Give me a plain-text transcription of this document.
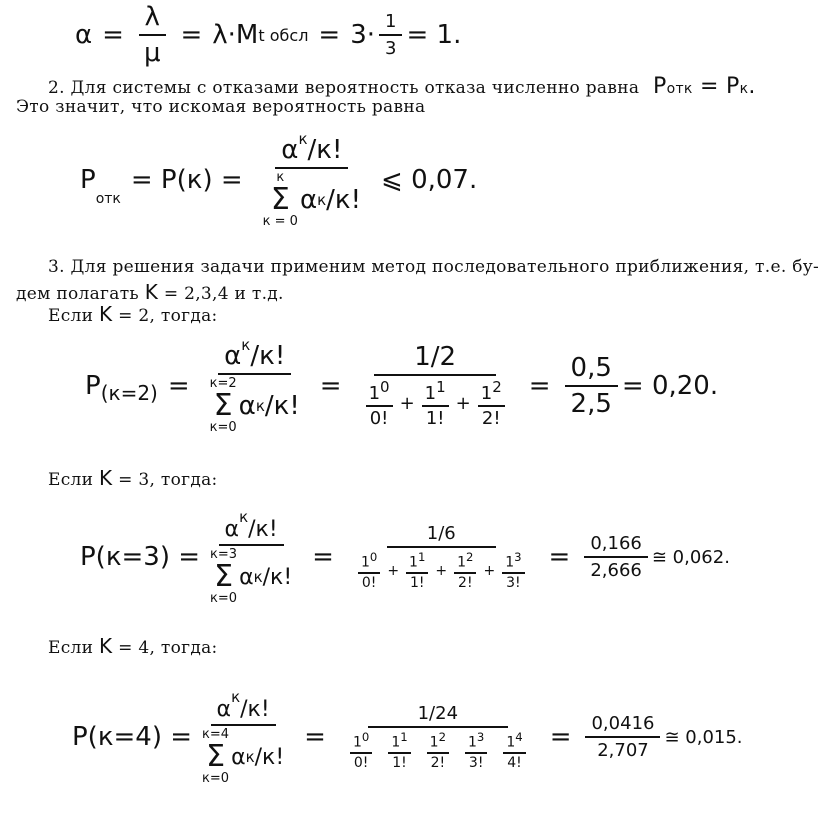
$\alpha = \frac{\lambda}{\mu} = \lambda\cdot M$ t обсл = $3\cdot \frac{1}{3} = 1$.
2. Для системы с отказами вероятность отказа численно равна Pотк = Pк.
Это значит, что искомая вероятность равна
P
отк
= $P(к) = \alpha^к/к$!
к
Σ
к = 0
α к /к! ⩽ 0,07.
3. Для решения задачи применим метод последовательного приближения, т.е. бу-
дем полагать K = 2,3,4 и т.д.
Если K = 2, тогда:
P $(к=2) = \alpha^к/к$!
к=2
Σ
к=0
α к /к! = $\frac{1/2}{\frac{1^0}{0!} + \frac{1^1}{1!} + \frac{1^2}{2!}} = \frac{0,5}{2,5} = 0,20$.
Если K = 3, тогда:
$P(к=3) = \alpha^к/к$!
к=3
Σ
к=0
α к /к! = $\frac{1/6}{\frac{1^0}{0!} + \frac{1^1}{1!} + \frac{1^2}{2!} + \frac{1^3}{3!}} = \frac{0,166}{2,666}$ ≅ 0,062.
Если K = 4, тогда:
$P(к=4) = \alpha^к/к$!
к=4
Σ
к=0
α к /к! = $\frac{1/24}{\frac{1^0}{0!} \frac{1^1}{1!} \frac{1^2}{2!} \frac{1^3}{3!} \frac{1^4}{4!}} = \frac{0,0416}{2,707}$ ≅ 0,015.
